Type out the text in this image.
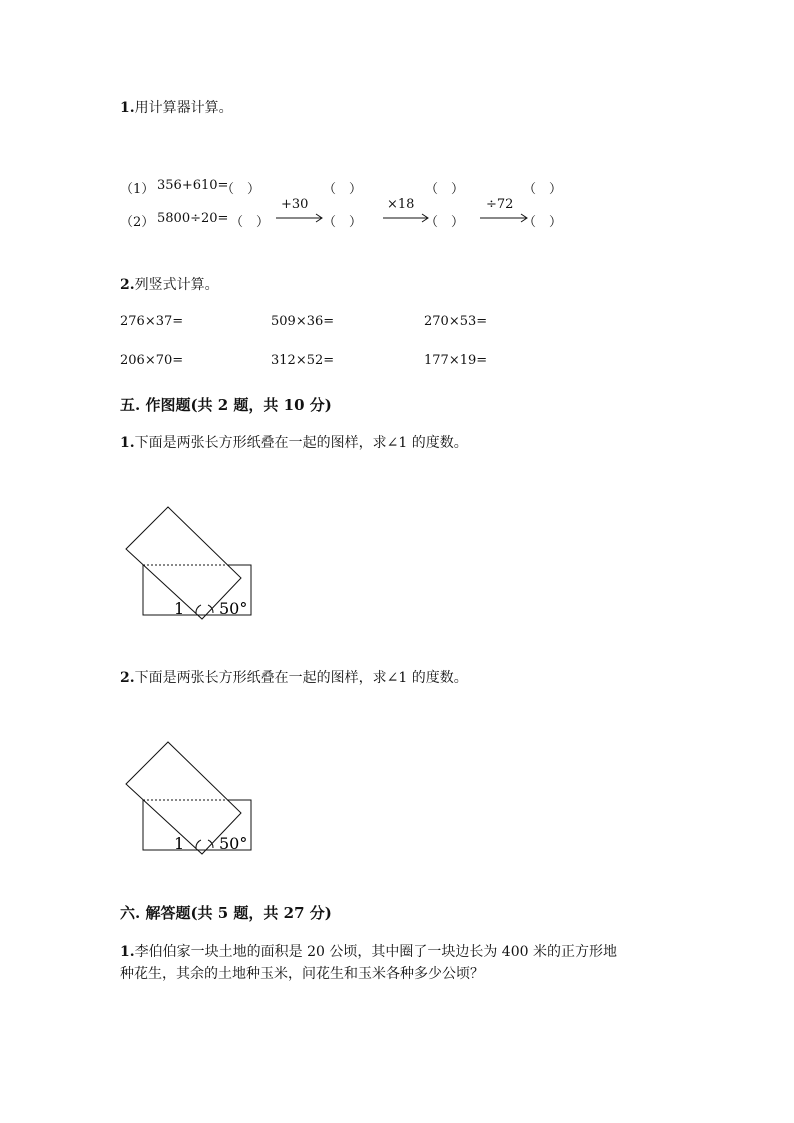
1.用计算器计算。
（1） 356+610=
（　）	（　）	（　）	（　）
（2） 5800÷20= （　）
+30
（　）
×18
（　）
÷72
（　）
2.列竖式计算。
276×37=	509×36=	270×53=
206×70=	312×52=	177×19=
五. 作图题(共 2 题，共 10 分)
1.下面是两张长方形纸叠在一起的图样，求∠1 的度数。
1 50°
2.下面是两张长方形纸叠在一起的图样，求∠1 的度数。
1 50°
六. 解答题(共 5 题，共 27 分)
1.李伯伯家一块土地的面积是 20 公顷，其中圈了一块边长为 400 米的正方形地
种花生，其余的土地种玉米，问花生和玉米各种多少公顷？
